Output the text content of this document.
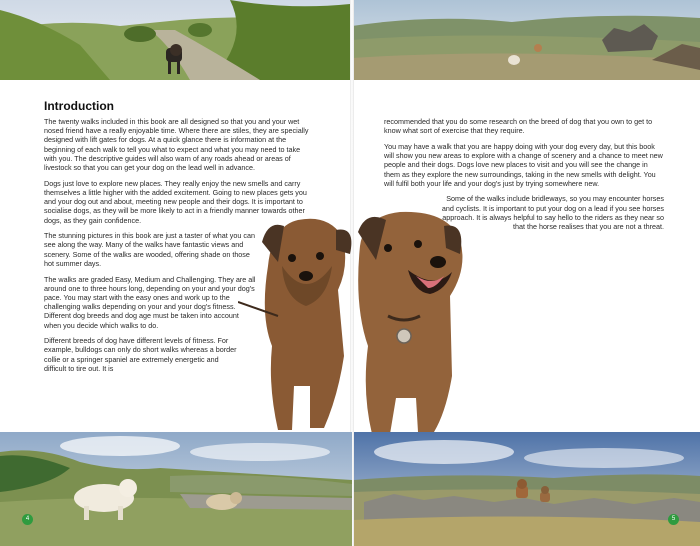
Introduction

The twenty walks included in this book are all designed so that you and your wet nosed friend have a really enjoyable time. Where there are stiles, they are specially designed with lift gates for dogs. At a quick glance there is information at the beginning of each walk to tell you what to expect and what you may need to take with you. The descriptive guides will also warn of any roads ahead or areas of livestock so that you can get your dog on the lead well in advance.

Dogs just love to explore new places. They really enjoy the new smells and carry themselves a little higher with the added excitement. Going to new places gets you and your dog out and about, meeting new people and their dogs. It is important to socialise dogs, as they will be more likely to act in a friendly manner towards other dogs, as they gain confidence.

The stunning pictures in this book are just a taster of what you can see along the way. Many of the walks have fantastic views and scenery. Some of the walks are wooded, offering shade on those hot summer days.

The walks are graded Easy, Medium and Challenging. They are all around one to three hours long, depending on your and your dog's pace. You may start with the easy ones and work up to the challenging walks depending on your and your dog's fitness. Different dog breeds and dog age must be taken into account when you decide which walks to do.

Different breeds of dog have different levels of fitness. For example, bulldogs can only do short walks whereas a border collie or a springer spaniel are extremely energetic and difficult to tire out. It is

recommended that you do some research on the breed of dog that you own to get to know what sort of exercise that they require.

You may have a walk that you are happy doing with your dog every day, but this book will show you new areas to explore with a change of scenery and a chance to meet new people and their dogs. Dogs love new places to visit and you will see the change in them as they explore the new surroundings, taking in the new smells with delight. You will fulfil both your life and your dog's just by trying somewhere new.

Some of the walks include bridleways, so you may encounter horses and cyclists. It is important to put your dog on a lead if you see horses approach. It is always helpful to say hello to the riders as they near so that the horse realises that you are not a threat.

4	5
